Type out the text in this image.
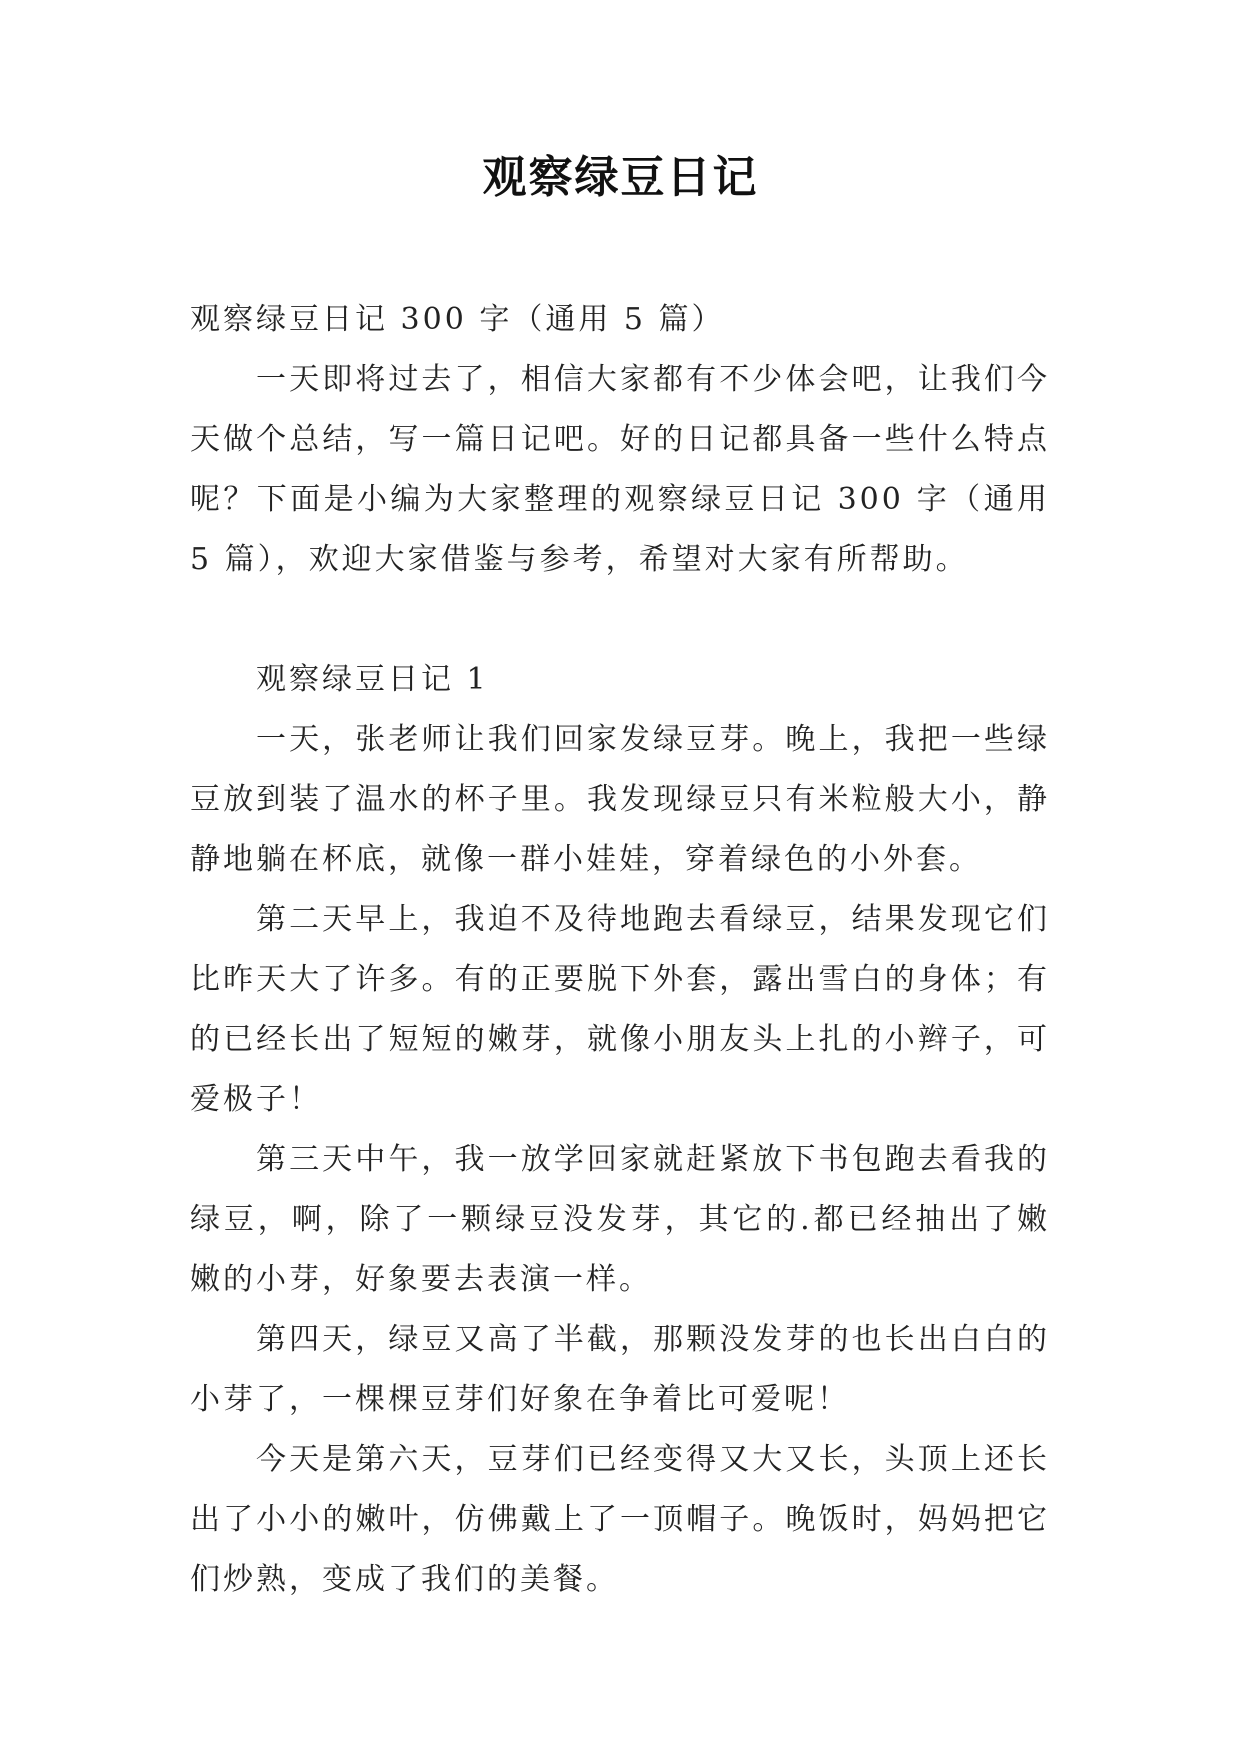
观察绿豆日记

观察绿豆日记 300 字（通用 5 篇）

一天即将过去了，相信大家都有不少体会吧，让我们今天做个总结，写一篇日记吧。好的日记都具备一些什么特点呢？下面是小编为大家整理的观察绿豆日记 300 字（通用 5 篇），欢迎大家借鉴与参考，希望对大家有所帮助。

观察绿豆日记 1

一天，张老师让我们回家发绿豆芽。晚上，我把一些绿豆放到装了温水的杯子里。我发现绿豆只有米粒般大小，静静地躺在杯底，就像一群小娃娃，穿着绿色的小外套。

第二天早上，我迫不及待地跑去看绿豆，结果发现它们比昨天大了许多。有的正要脱下外套，露出雪白的身体；有的已经长出了短短的嫩芽，就像小朋友头上扎的小辫子，可爱极子！

第三天中午，我一放学回家就赶紧放下书包跑去看我的绿豆，啊，除了一颗绿豆没发芽，其它的.都已经抽出了嫩嫩的小芽，好象要去表演一样。

第四天，绿豆又高了半截，那颗没发芽的也长出白白的小芽了，一棵棵豆芽们好象在争着比可爱呢！

今天是第六天，豆芽们已经变得又大又长，头顶上还长出了小小的嫩叶，仿佛戴上了一顶帽子。晚饭时，妈妈把它们炒熟，变成了我们的美餐。
